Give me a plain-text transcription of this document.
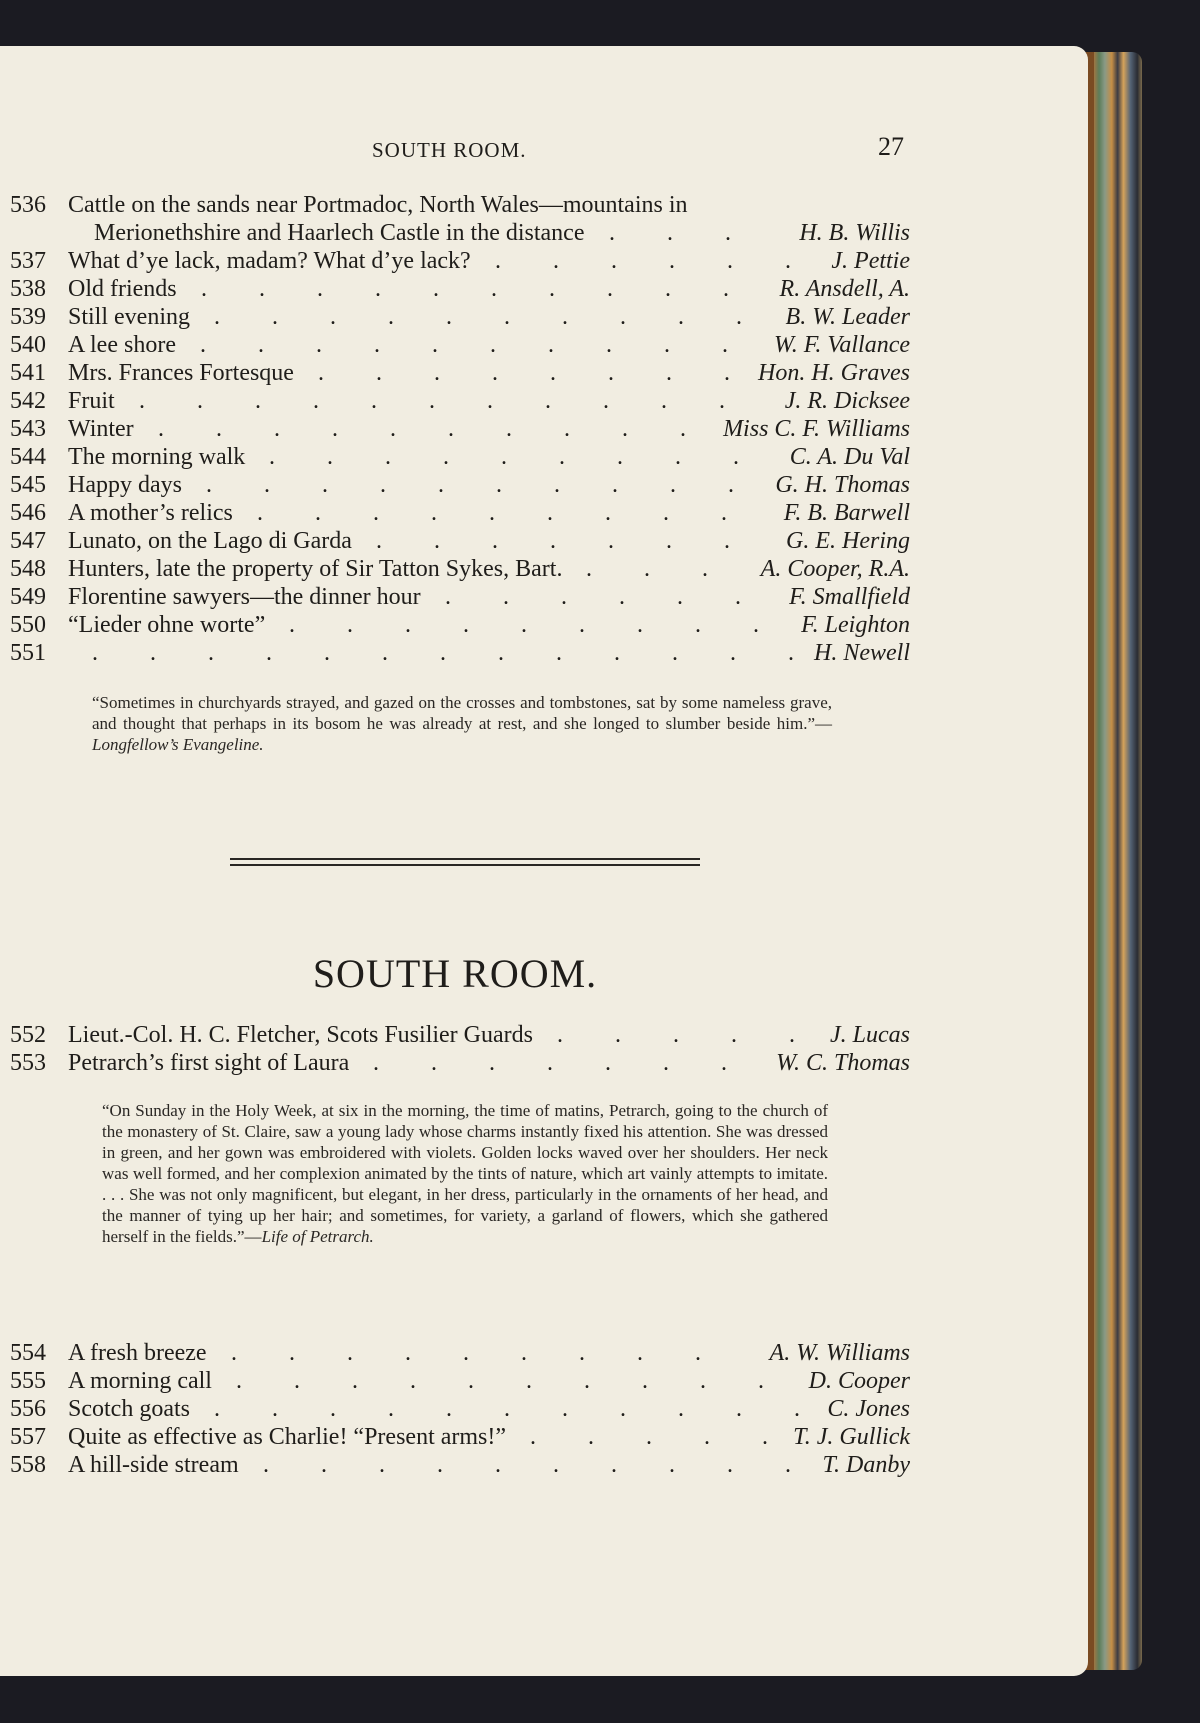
SOUTH ROOM.	27
536 Cattle on the sands near Portmadoc, North Wales—mountains in
Merionethshire and Haarlech Castle in the distance	H. B. Willis
. . .
537 What d’ye lack, madam? What d’ye lack?	J. Pettie
. . . . . .
538 Old friends	R. Ansdell, A.
. . . . . . . . . .
539 Still evening	B. W. Leader
. . . . . . . . . .
540 A lee shore	W. F. Vallance
. . . . . . . . . .
541 Mrs. Frances Fortesque	Hon. H. Graves
. . . . . . . .
542 Fruit	J. R. Dicksee
. . . . . . . . . . .
543 Winter	Miss C. F. Williams
. . . . . . . . . .
544 The morning walk	C. A. Du Val
. . . . . . . . .
545 Happy days	G. H. Thomas
. . . . . . . . . .
546 A mother’s relics	F. B. Barwell
. . . . . . . . .
547 Lunato, on the Lago di Garda	G. E. Hering
. . . . . . .
548 Hunters, late the property of Sir Tatton Sykes, Bart.	A. Cooper, R.A.
. . .
549 Florentine sawyers—the dinner hour	F. Smallfield
. . . . . .
550 “Lieder ohne worte”	F. Leighton
. . . . . . . . .
551	H. Newell
. . . . . . . . . . . . .
“Sometimes in churchyards strayed, and gazed on the crosses and tombstones, sat by some nameless grave, and thought that perhaps in its bosom he was already at rest, and she longed to slumber beside him.”—Longfellow’s Evangeline.
SOUTH ROOM.
552 Lieut.-Col. H. C. Fletcher, Scots Fusilier Guards	J. Lucas
. . . . .
553 Petrarch’s first sight of Laura	W. C. Thomas
. . . . . . .
“On Sunday in the Holy Week, at six in the morning, the time of matins, Petrarch, going to the church of the monastery of St. Claire, saw a young lady whose charms instantly fixed his attention. She was dressed in green, and her gown was embroidered with violets. Golden locks waved over her shoulders. Her neck was well formed, and her complexion animated by the tints of nature, which art vainly attempts to imitate. . . . She was not only magnificent, but elegant, in her dress, particularly in the ornaments of her head, and the manner of tying up her hair; and sometimes, for variety, a garland of flowers, which she gathered herself in the fields.”—Life of Petrarch.
554 A fresh breeze	A. W. Williams
. . . . . . . . .
555 A morning call	D. Cooper
. . . . . . . . . .
556 Scotch goats	C. Jones
. . . . . . . . . . .
557 Quite as effective as Charlie! “Present arms!”	T. J. Gullick
. . . . .
558 A hill-side stream	T. Danby
. . . . . . . . . .
